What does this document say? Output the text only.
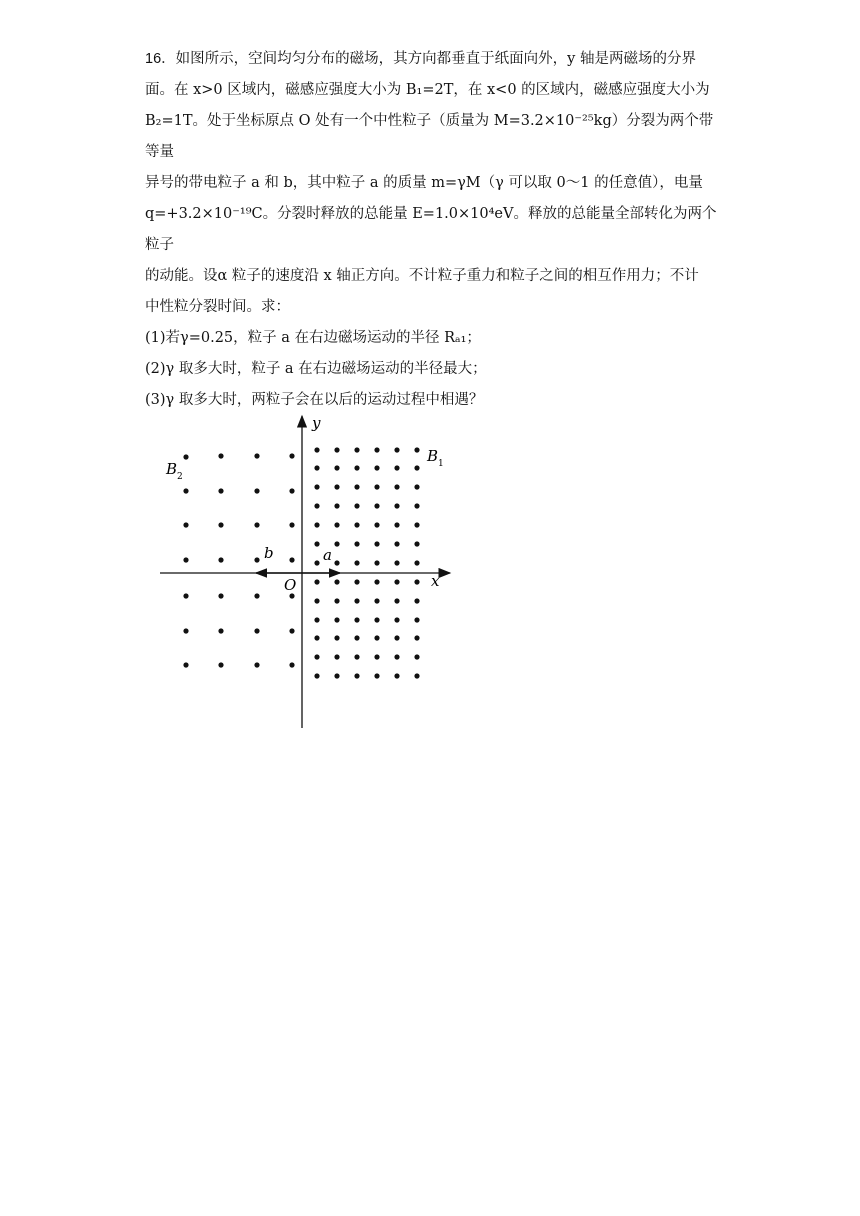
16．如图所示，空间均匀分布的磁场，其方向都垂直于纸面向外，y 轴是两磁场的分界

面。在 x>0 区域内，磁感应强度大小为 B₁=2T，在 x<0 的区域内，磁感应强度大小为

B₂=1T。处于坐标原点 O 处有一个中性粒子（质量为 M=3.2×10⁻²⁵kg）分裂为两个带等量

异号的带电粒子 a 和 b，其中粒子 a 的质量 m=γM（γ 可以取 0～1 的任意值），电量

q=+3.2×10⁻¹⁹C。分裂时释放的总能量 E=1.0×10⁴eV。释放的总能量全部转化为两个粒子

的动能。设α 粒子的速度沿 x 轴正方向。不计粒子重力和粒子之间的相互作用力；不计

中性粒分裂时间。求：

(1)若γ=0.25，粒子 a 在右边磁场运动的半径 Rₐ₁；

(2)γ 取多大时，粒子 a 在右边磁场运动的半径最大；

(3)γ 取多大时，两粒子会在以后的运动过程中相遇？

y
x
O
a
b
B 1
B 2
